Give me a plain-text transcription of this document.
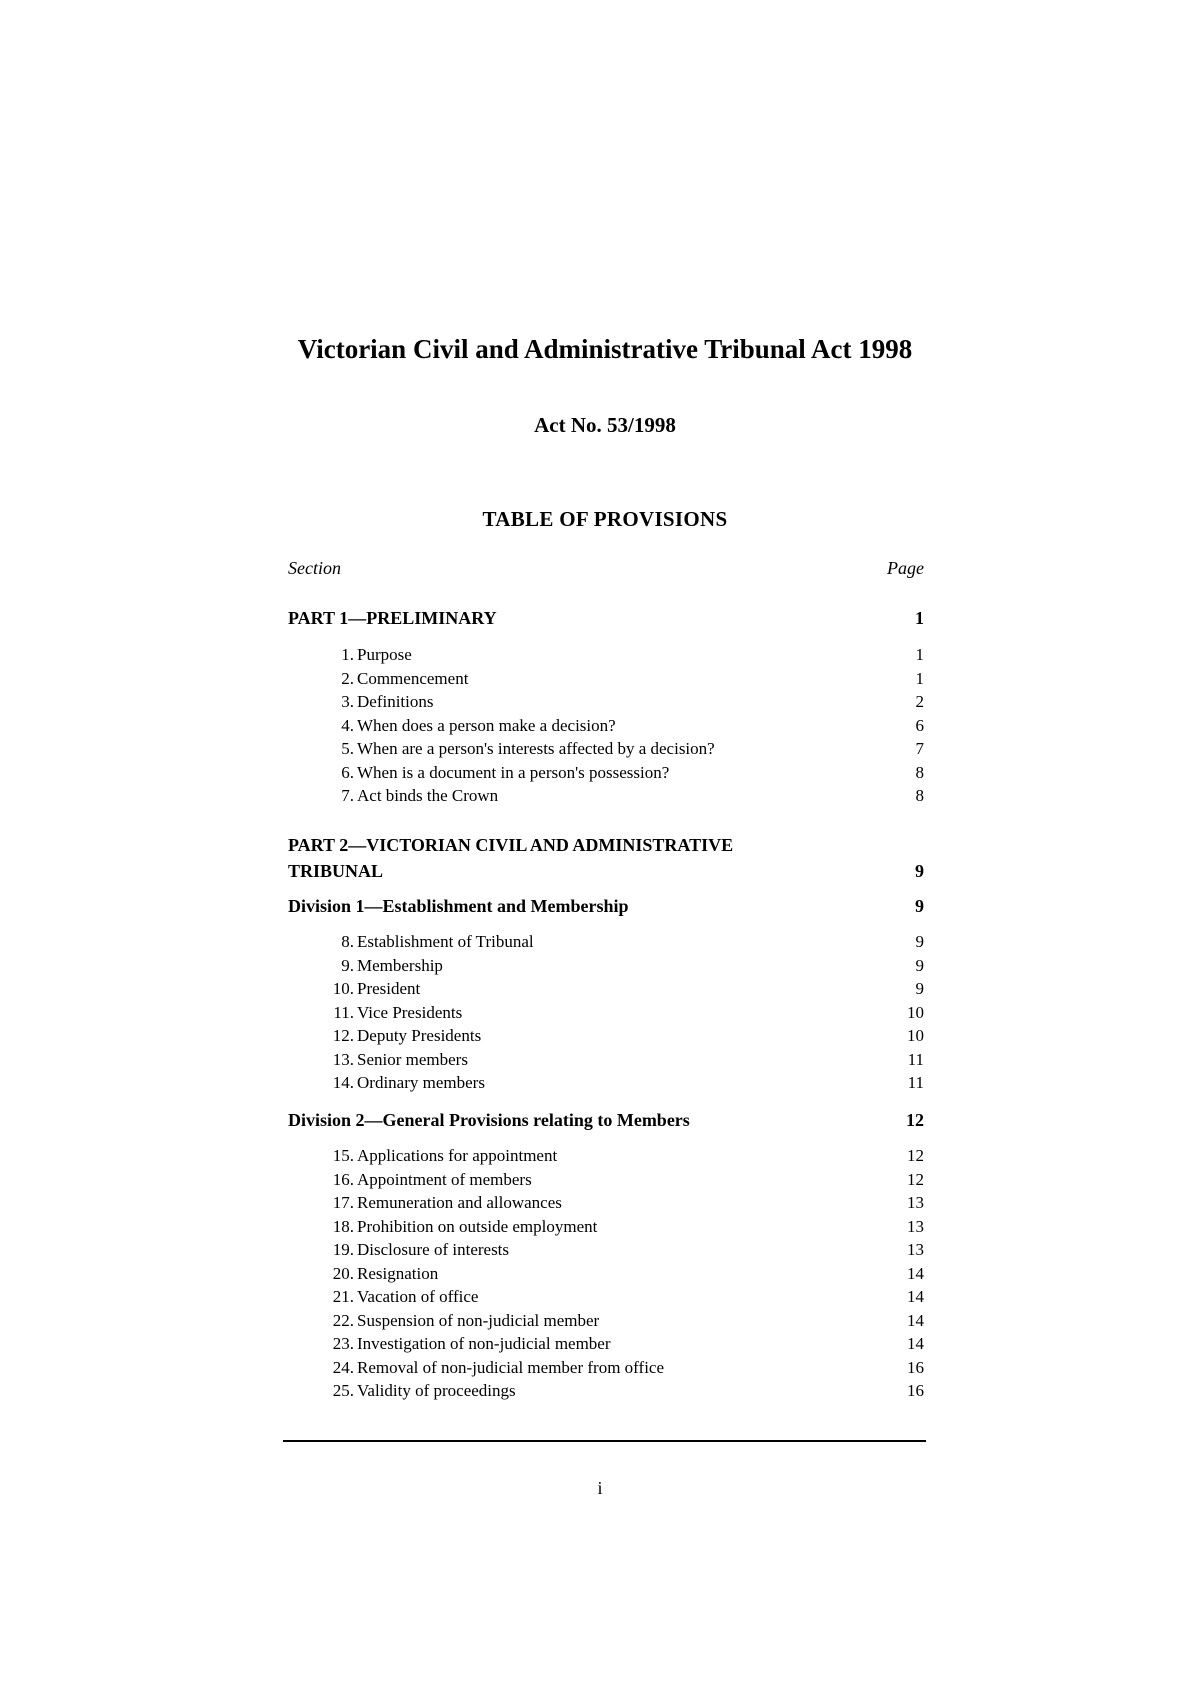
Victorian Civil and Administrative Tribunal Act 1998
Act No. 53/1998
TABLE OF PROVISIONS
Section	Page
PART 1—PRELIMINARY	1
1. Purpose	1
2. Commencement	1
3. Definitions	2
4. When does a person make a decision?	6
5. When are a person's interests affected by a decision?	7
6. When is a document in a person's possession?	8
7. Act binds the Crown	8
PART 2—VICTORIAN CIVIL AND ADMINISTRATIVE TRIBUNAL	9
Division 1—Establishment and Membership	9
8. Establishment of Tribunal	9
9. Membership	9
10. President	9
11. Vice Presidents	10
12. Deputy Presidents	10
13. Senior members	11
14. Ordinary members	11
Division 2—General Provisions relating to Members	12
15. Applications for appointment	12
16. Appointment of members	12
17. Remuneration and allowances	13
18. Prohibition on outside employment	13
19. Disclosure of interests	13
20. Resignation	14
21. Vacation of office	14
22. Suspension of non-judicial member	14
23. Investigation of non-judicial member	14
24. Removal of non-judicial member from office	16
25. Validity of proceedings	16
i
